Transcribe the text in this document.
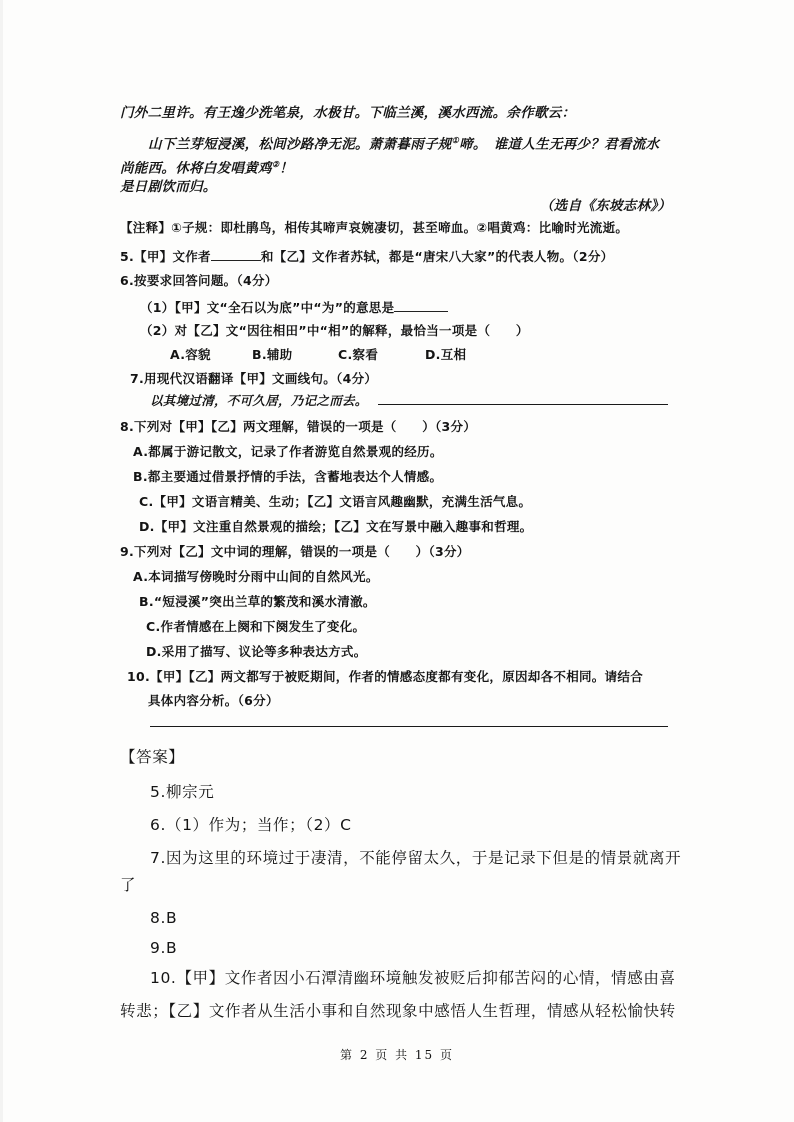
门外二里许。有王逸少洗笔泉，水极甘。下临兰溪，溪水西流。余作歌云：
山下兰芽短浸溪，松间沙路净无泥。萧萧暮雨子规①啼。　谁道人生无再少？君看流水
尚能西。休将白发唱黄鸡②！
是日剧饮而归。
（选自《东坡志林》）
【注释】①子规：即杜鹃鸟，相传其啼声哀婉凄切，甚至啼血。②唱黄鸡：比喻时光流逝。
5.【甲】文作者	和【乙】文作者苏轼，都是“唐宋八大家”的代表人物。（2分）
6.按要求回答问题。（4分）
（1）【甲】文“全石以为底”中“为”的意思是
（2）对【乙】文“因往相田”中“相”的解释，最恰当一项是（　　）
A.容貌	B.辅助	C.察看	D.互相
7.用现代汉语翻译【甲】文画线句。（4分）
以其境过清，不可久居，乃记之而去。
8.下列对【甲】【乙】两文理解，错误的一项是（　　）（3分）
A.都属于游记散文，记录了作者游览自然景观的经历。
B.都主要通过借景抒情的手法，含蓄地表达个人情感。
C.【甲】文语言精美、生动；【乙】文语言风趣幽默，充满生活气息。
D.【甲】文注重自然景观的描绘；【乙】文在写景中融入趣事和哲理。
9.下列对【乙】文中词的理解，错误的一项是（　　）（3分）
A.本词描写傍晚时分雨中山间的自然风光。
B.“短浸溪”突出兰草的繁茂和溪水清澈。
C.作者情感在上阕和下阕发生了变化。
D.采用了描写、议论等多种表达方式。
10.【甲】【乙】两文都写于被贬期间，作者的情感态度都有变化，原因却各不相同。请结合
具体内容分析。（6分）
【答案】
5.柳宗元
6.（1）作为；当作；（2）C
7.因为这里的环境过于凄清，不能停留太久，于是记录下但是的情景就离开
了
8.B
9.B
10.【甲】文作者因小石潭清幽环境触发被贬后抑郁苦闷的心情，情感由喜
转悲；【乙】文作者从生活小事和自然现象中感悟人生哲理，情感从轻松愉快转
第 2 页 共 15 页
